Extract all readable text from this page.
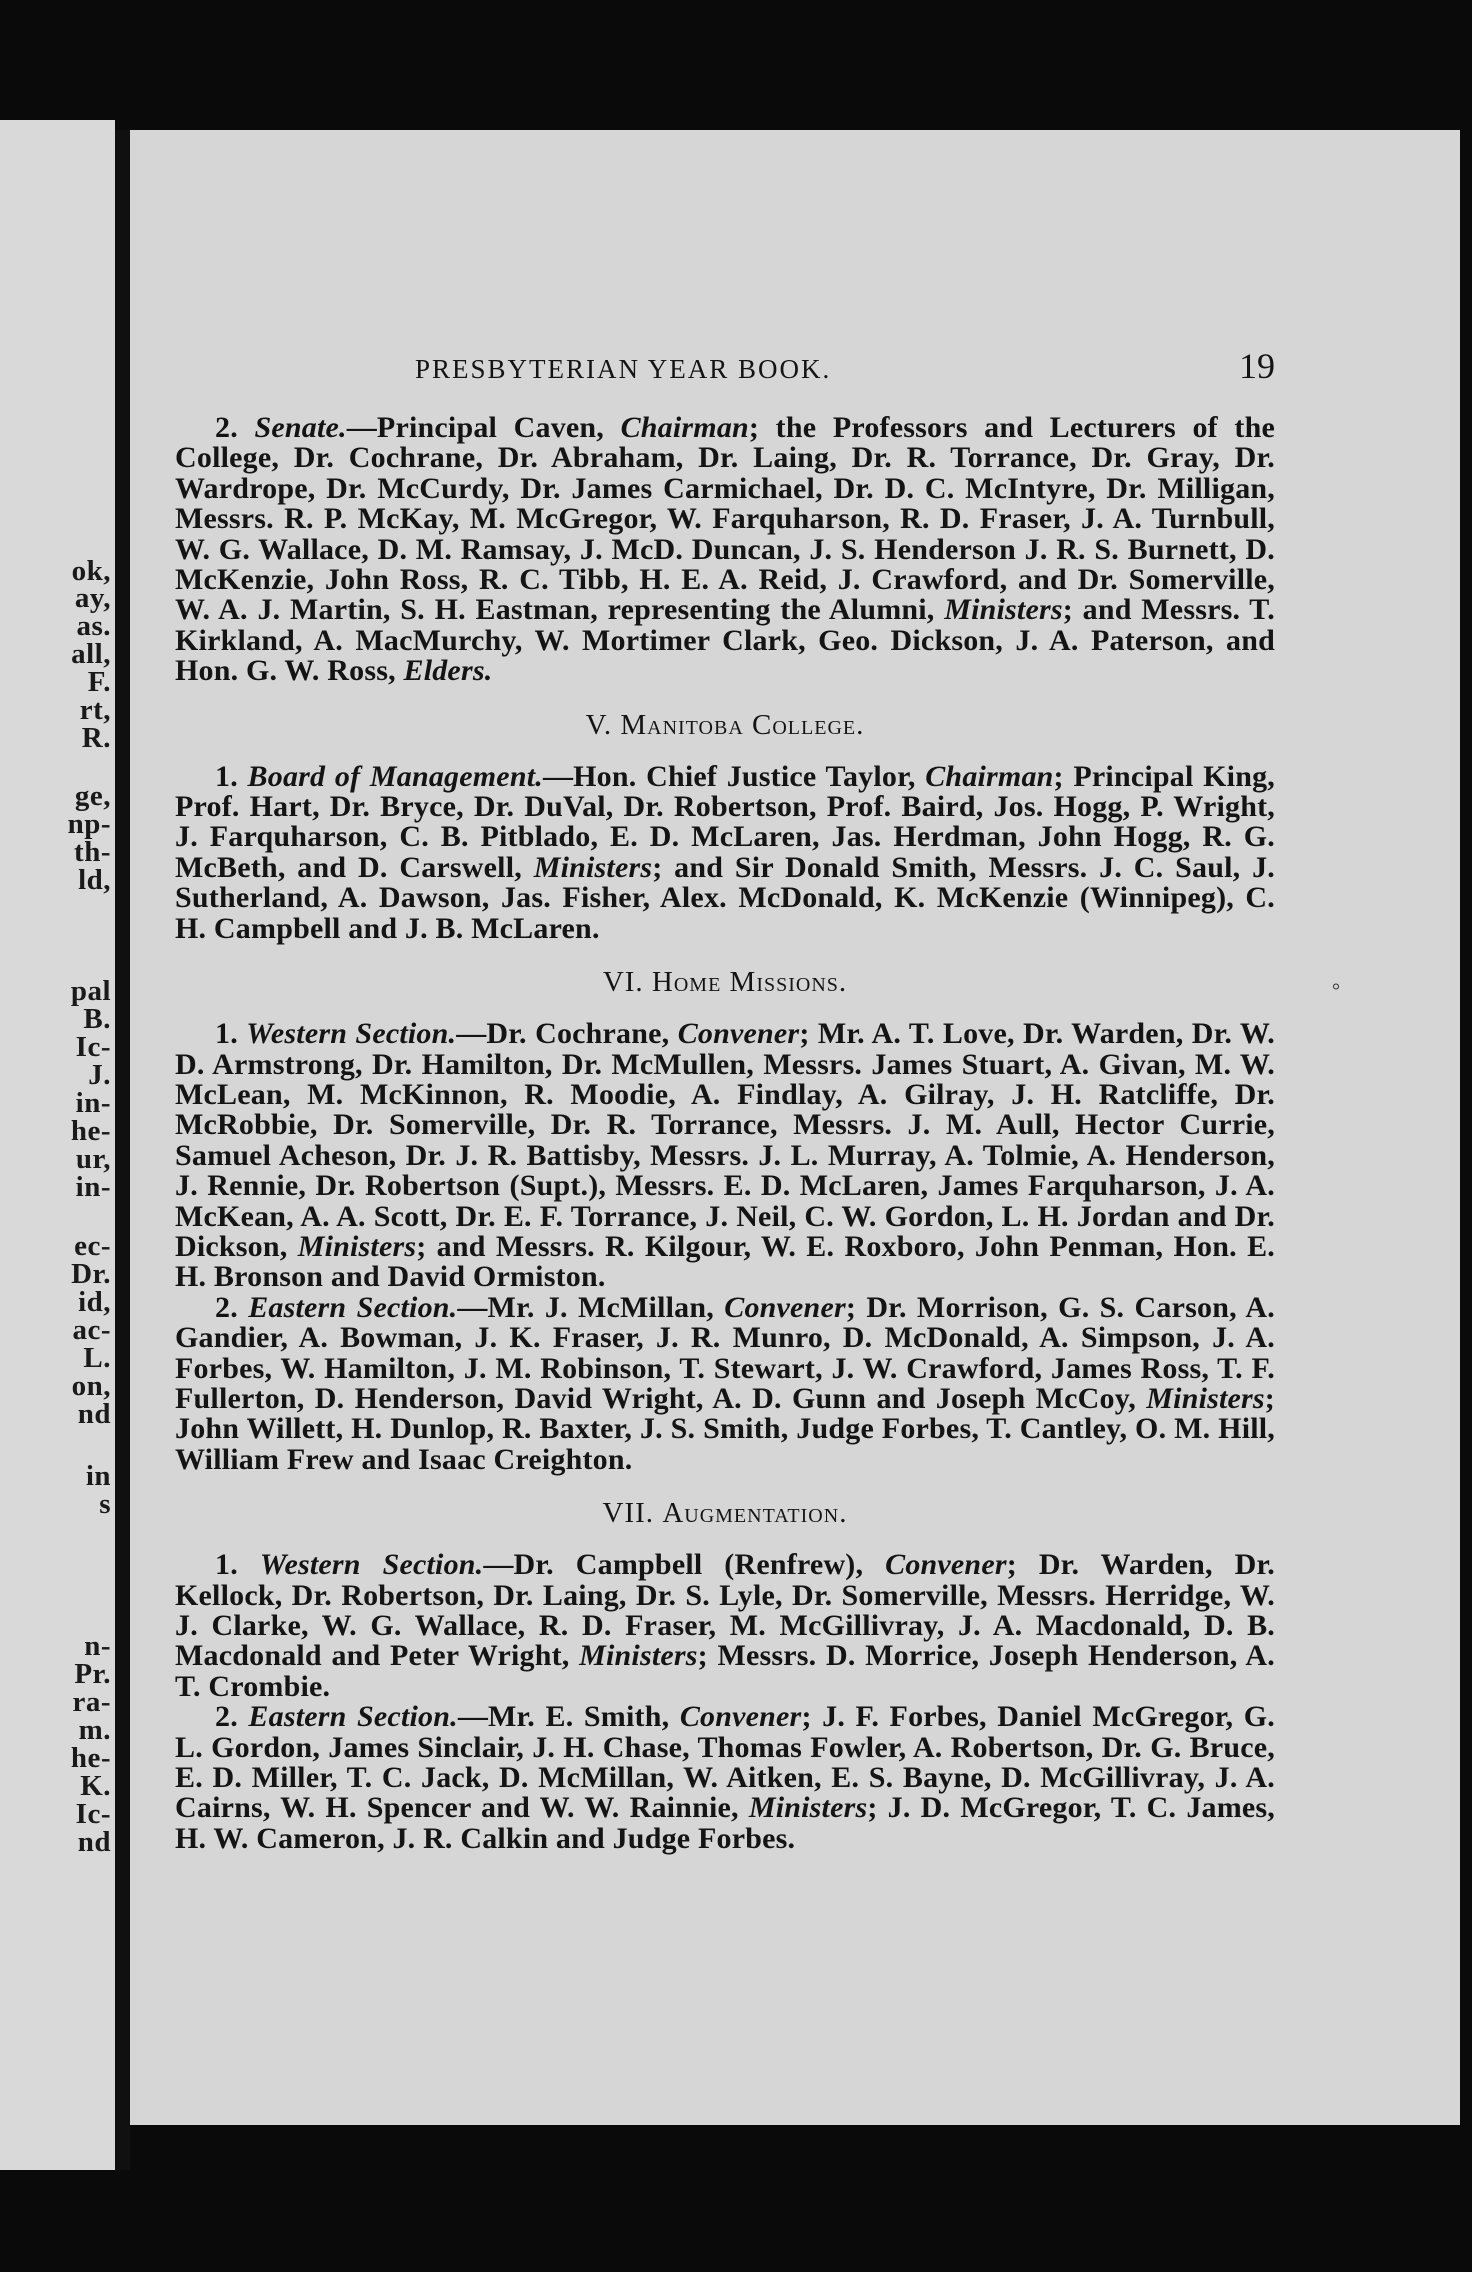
ok,
ay,
as.
all,
F.
rt,
R.
ge,
np-
th-
ld,
pal
B.
Ic-
J.
in-
he-
ur,
in-
ec-
Dr.
id,
ac-
L.
on,
nd
in
s
n-
Pr.
ra-
m.
he-
K.
Ic-
nd
°
PRESBYTERIAN YEAR BOOK.	19

2. Senate.—Principal Caven, Chairman; the Professors and Lecturers of the College, Dr. Cochrane, Dr. Abraham, Dr. Laing, Dr. R. Torrance, Dr. Gray, Dr. Wardrope, Dr. McCurdy, Dr. James Carmichael, Dr. D. C. McIntyre, Dr. Milligan, Messrs. R. P. McKay, M. McGregor, W. Farquharson, R. D. Fraser, J. A. Turnbull, W. G. Wallace, D. M. Ramsay, J. McD. Duncan, J. S. Henderson J. R. S. Burnett, D. McKenzie, John Ross, R. C. Tibb, H. E. A. Reid, J. Crawford, and Dr. Somerville, W. A. J. Martin, S. H. Eastman, representing the Alumni, Ministers; and Messrs. T. Kirkland, A. MacMurchy, W. Mortimer Clark, Geo. Dickson, J. A. Paterson, and Hon. G. W. Ross, Elders.

V. Manitoba College.

1. Board of Management.—Hon. Chief Justice Taylor, Chairman; Principal King, Prof. Hart, Dr. Bryce, Dr. DuVal, Dr. Robertson, Prof. Baird, Jos. Hogg, P. Wright, J. Farquharson, C. B. Pitblado, E. D. McLaren, Jas. Herdman, John Hogg, R. G. McBeth, and D. Carswell, Ministers; and Sir Donald Smith, Messrs. J. C. Saul, J. Sutherland, A. Dawson, Jas. Fisher, Alex. McDonald, K. McKenzie (Winnipeg), C. H. Campbell and J. B. McLaren.

VI. Home Missions.

1. Western Section.—Dr. Cochrane, Convener; Mr. A. T. Love, Dr. Warden, Dr. W. D. Armstrong, Dr. Hamilton, Dr. McMullen, Messrs. James Stuart, A. Givan, M. W. McLean, M. McKinnon, R. Moodie, A. Findlay, A. Gilray, J. H. Ratcliffe, Dr. McRobbie, Dr. Somerville, Dr. R. Torrance, Messrs. J. M. Aull, Hector Currie, Samuel Acheson, Dr. J. R. Battisby, Messrs. J. L. Murray, A. Tolmie, A. Henderson, J. Rennie, Dr. Robertson (Supt.), Messrs. E. D. McLaren, James Farquharson, J. A. McKean, A. A. Scott, Dr. E. F. Torrance, J. Neil, C. W. Gordon, L. H. Jordan and Dr. Dickson, Ministers; and Messrs. R. Kilgour, W. E. Roxboro, John Penman, Hon. E. H. Bronson and David Ormiston.

2. Eastern Section.—Mr. J. McMillan, Convener; Dr. Morrison, G. S. Carson, A. Gandier, A. Bowman, J. K. Fraser, J. R. Munro, D. McDonald, A. Simpson, J. A. Forbes, W. Hamilton, J. M. Robinson, T. Stewart, J. W. Crawford, James Ross, T. F. Fullerton, D. Henderson, David Wright, A. D. Gunn and Joseph McCoy, Ministers; John Willett, H. Dunlop, R. Baxter, J. S. Smith, Judge Forbes, T. Cantley, O. M. Hill, William Frew and Isaac Creighton.

VII. Augmentation.

1. Western Section.—Dr. Campbell (Renfrew), Convener; Dr. Warden, Dr. Kellock, Dr. Robertson, Dr. Laing, Dr. S. Lyle, Dr. Somerville, Messrs. Herridge, W. J. Clarke, W. G. Wallace, R. D. Fraser, M. McGillivray, J. A. Macdonald, D. B. Macdonald and Peter Wright, Ministers; Messrs. D. Morrice, Joseph Henderson, A. T. Crombie.

2. Eastern Section.—Mr. E. Smith, Convener; J. F. Forbes, Daniel McGregor, G. L. Gordon, James Sinclair, J. H. Chase, Thomas Fowler, A. Robertson, Dr. G. Bruce, E. D. Miller, T. C. Jack, D. McMillan, W. Aitken, E. S. Bayne, D. McGillivray, J. A. Cairns, W. H. Spencer and W. W. Rainnie, Ministers; J. D. McGregor, T. C. James, H. W. Cameron, J. R. Calkin and Judge Forbes.
